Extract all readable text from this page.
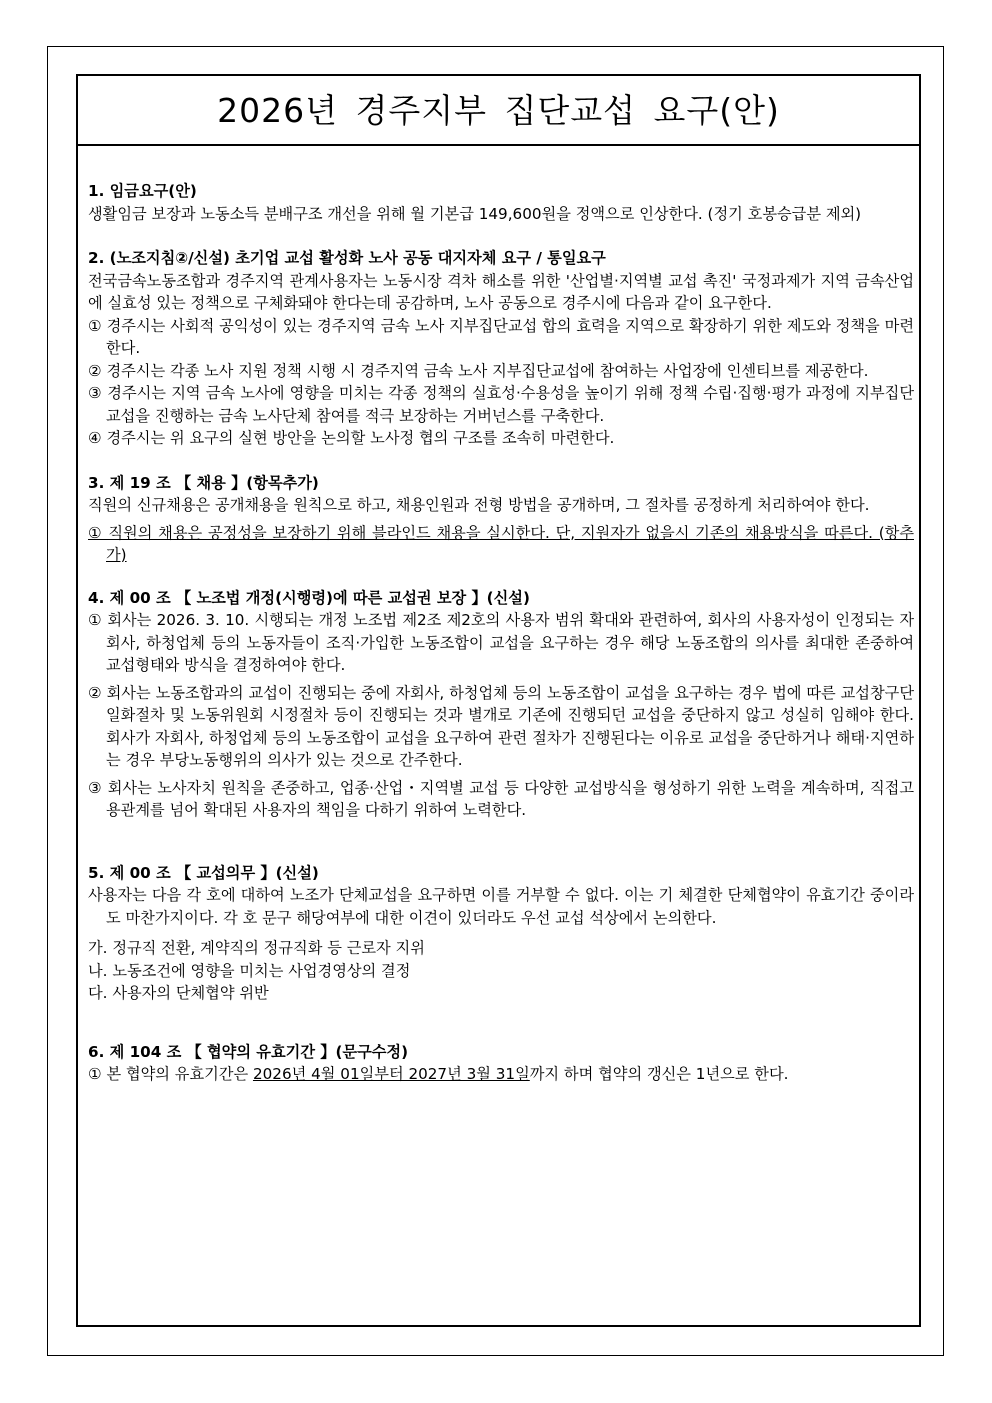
2026년 경주지부 집단교섭 요구(안)

1. 임금요구(안)

생활임금 보장과 노동소득 분배구조 개선을 위해 월 기본급 149,600원을 정액으로 인상한다. (정기 호봉승급분 제외)

2. (노조지침②/신설) 초기업 교섭 활성화 노사 공동 대지자체 요구 / 통일요구

전국금속노동조합과 경주지역 관계사용자는 노동시장 격차 해소를 위한 '산업별·지역별 교섭 촉진' 국정과제가 지역 금속산업에 실효성 있는 정책으로 구체화돼야 한다는데 공감하며, 노사 공동으로 경주시에 다음과 같이 요구한다.

① 경주시는 사회적 공익성이 있는 경주지역 금속 노사 지부집단교섭 합의 효력을 지역으로 확장하기 위한 제도와 정책을 마련한다.

② 경주시는 각종 노사 지원 정책 시행 시 경주지역 금속 노사 지부집단교섭에 참여하는 사업장에 인센티브를 제공한다.

③ 경주시는 지역 금속 노사에 영향을 미치는 각종 정책의 실효성·수용성을 높이기 위해 정책 수립·집행·평가 과정에 지부집단교섭을 진행하는 금속 노사단체 참여를 적극 보장하는 거버넌스를 구축한다.

④ 경주시는 위 요구의 실현 방안을 논의할 노사정 협의 구조를 조속히 마련한다.

3. 제 19 조 【 채용 】(항목추가)

직원의 신규채용은 공개채용을 원칙으로 하고, 채용인원과 전형 방법을 공개하며, 그 절차를 공정하게 처리하여야 한다.

① 직원의 채용은 공정성을 보장하기 위해 블라인드 채용을 실시한다. 단, 지원자가 없을시 기존의 채용방식을 따른다. (항추가)

4. 제 00 조 【 노조법 개정(시행령)에 따른 교섭권 보장 】(신설)

① 회사는 2026. 3. 10. 시행되는 개정 노조법 제2조 제2호의 사용자 범위 확대와 관련하여, 회사의 사용자성이 인정되는 자회사, 하청업체 등의 노동자들이 조직·가입한 노동조합이 교섭을 요구하는 경우 해당 노동조합의 의사를 최대한 존중하여 교섭형태와 방식을 결정하여야 한다.

② 회사는 노동조합과의 교섭이 진행되는 중에 자회사, 하청업체 등의 노동조합이 교섭을 요구하는 경우 법에 따른 교섭창구단일화절차 및 노동위원회 시정절차 등이 진행되는 것과 별개로 기존에 진행되던 교섭을 중단하지 않고 성실히 임해야 한다. 회사가 자회사, 하청업체 등의 노동조합이 교섭을 요구하여 관련 절차가 진행된다는 이유로 교섭을 중단하거나 해태·지연하는 경우 부당노동행위의 의사가 있는 것으로 간주한다.

③ 회사는 노사자치 원칙을 존중하고, 업종·산업・지역별 교섭 등 다양한 교섭방식을 형성하기 위한 노력을 계속하며, 직접고용관계를 넘어 확대된 사용자의 책임을 다하기 위하여 노력한다.

5. 제 00 조 【 교섭의무 】(신설)

사용자는 다음 각 호에 대하여 노조가 단체교섭을 요구하면 이를 거부할 수 없다. 이는 기 체결한 단체협약이 유효기간 중이라도 마찬가지이다. 각 호 문구 해당여부에 대한 이견이 있더라도 우선 교섭 석상에서 논의한다.

가. 정규직 전환, 계약직의 정규직화 등 근로자 지위

나. 노동조건에 영향을 미치는 사업경영상의 결정

다. 사용자의 단체협약 위반

6. 제 104 조 【 협약의 유효기간 】(문구수정)

① 본 협약의 유효기간은 2026년 4월 01일부터 2027년 3월 31일까지 하며 협약의 갱신은 1년으로 한다.
